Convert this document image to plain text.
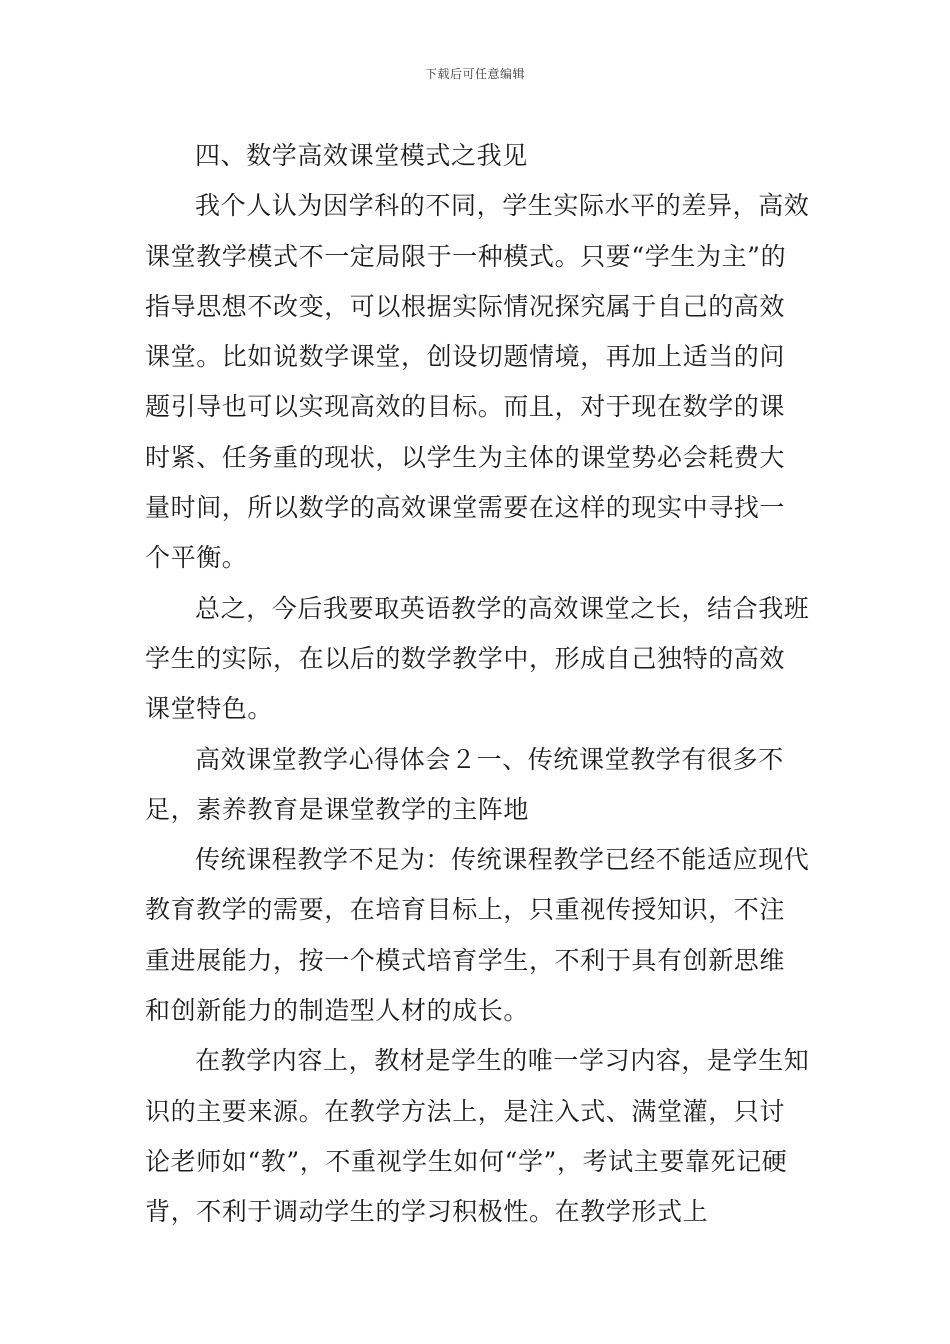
下载后可任意编辑

四、数学高效课堂模式之我见

我个人认为因学科的不同，学生实际水平的差异，高效课堂教学模式不一定局限于一种模式。只要“学生为主”的指导思想不改变，可以根据实际情况探究属于自己的高效课堂。比如说数学课堂，创设切题情境，再加上适当的问题引导也可以实现高效的目标。而且，对于现在数学的课时紧、任务重的现状，以学生为主体的课堂势必会耗费大量时间，所以数学的高效课堂需要在这样的现实中寻找一个平衡。

总之，今后我要取英语教学的高效课堂之长，结合我班学生的实际，在以后的数学教学中，形成自己独特的高效课堂特色。

高效课堂教学心得体会２一、传统课堂教学有很多不足，素养教育是课堂教学的主阵地

传统课程教学不足为：传统课程教学已经不能适应现代教育教学的需要，在培育目标上，只重视传授知识，不注重进展能力，按一个模式培育学生，不利于具有创新思维和创新能力的制造型人材的成长。

在教学内容上，教材是学生的唯一学习内容，是学生知识的主要来源。在教学方法上，是注入式、满堂灌，只讨论老师如“教”，不重视学生如何“学”，考试主要靠死记硬背，不利于调动学生的学习积极性。在教学形式上
